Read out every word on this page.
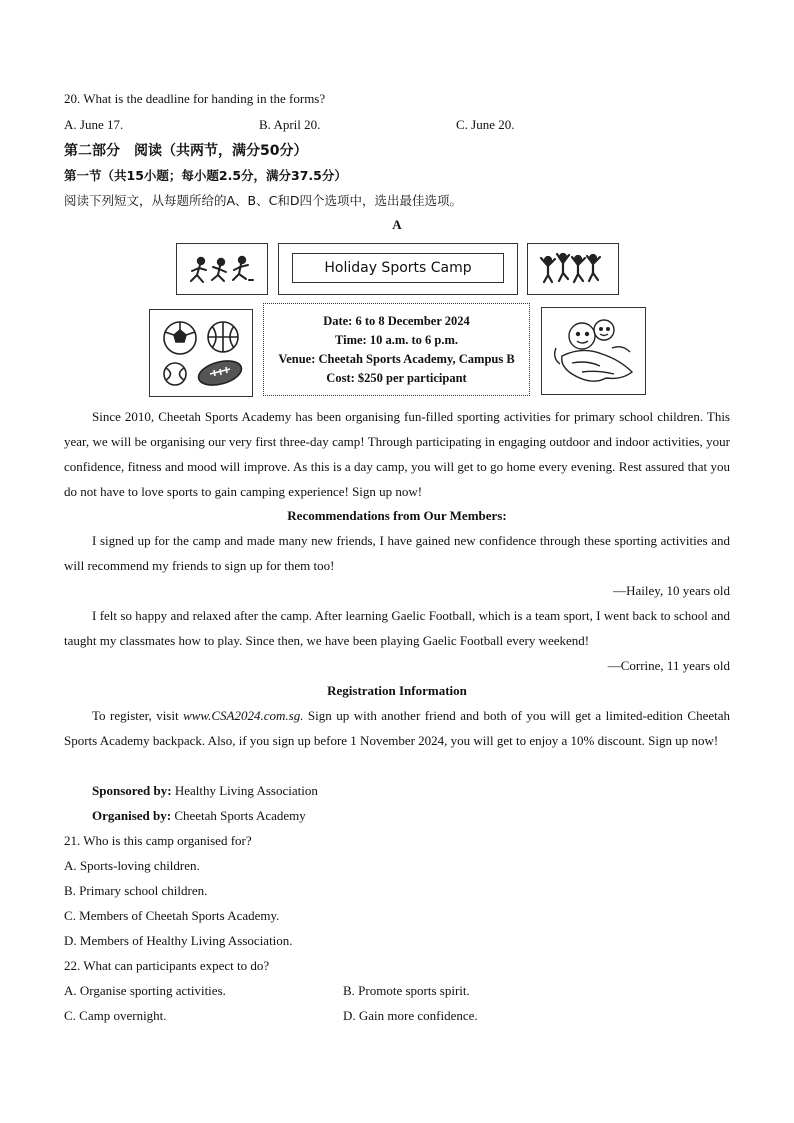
20. What is the deadline for handing in the forms?
A. June 17.	B. April 20.	C. June 20.
第二部分　阅读（共两节，满分50分）
第一节（共15小题；每小题2.5分，满分37.5分）
阅读下列短文，从每题所给的A、B、C和D四个选项中，选出最佳选项。
A
Holiday Sports Camp
Date: 6 to 8 December 2024
Time: 10 a.m. to 6 p.m.
Venue: Cheetah Sports Academy, Campus B
Cost: $250 per participant
Since 2010, Cheetah Sports Academy has been organising fun-filled sporting activities for primary school children. This year, we will be organising our very first three-day camp! Through participating in engaging outdoor and indoor activities, your confidence, fitness and mood will improve. As this is a day camp, you will get to go home every evening. Rest assured that you do not have to love sports to gain camping experience! Sign up now!
Recommendations from Our Members:
I signed up for the camp and made many new friends, I have gained new confidence through these sporting activities and will recommend my friends to sign up for them too!
—Hailey, 10 years old
I felt so happy and relaxed after the camp. After learning Gaelic Football, which is a team sport, I went back to school and taught my classmates how to play. Since then, we have been playing Gaelic Football every weekend!
—Corrine, 11 years old
Registration Information
To register, visit www.CSA2024.com.sg. Sign up with another friend and both of you will get a limited-edition Cheetah Sports Academy backpack. Also, if you sign up before 1 November 2024, you will get to enjoy a 10% discount. Sign up now!
Sponsored by: Healthy Living Association
Organised by: Cheetah Sports Academy
21. Who is this camp organised for?
A. Sports-loving children.
B. Primary school children.
C. Members of Cheetah Sports Academy.
D. Members of Healthy Living Association.
22. What can participants expect to do?
A. Organise sporting activities.	B. Promote sports spirit.
C. Camp overnight.	D. Gain more confidence.
